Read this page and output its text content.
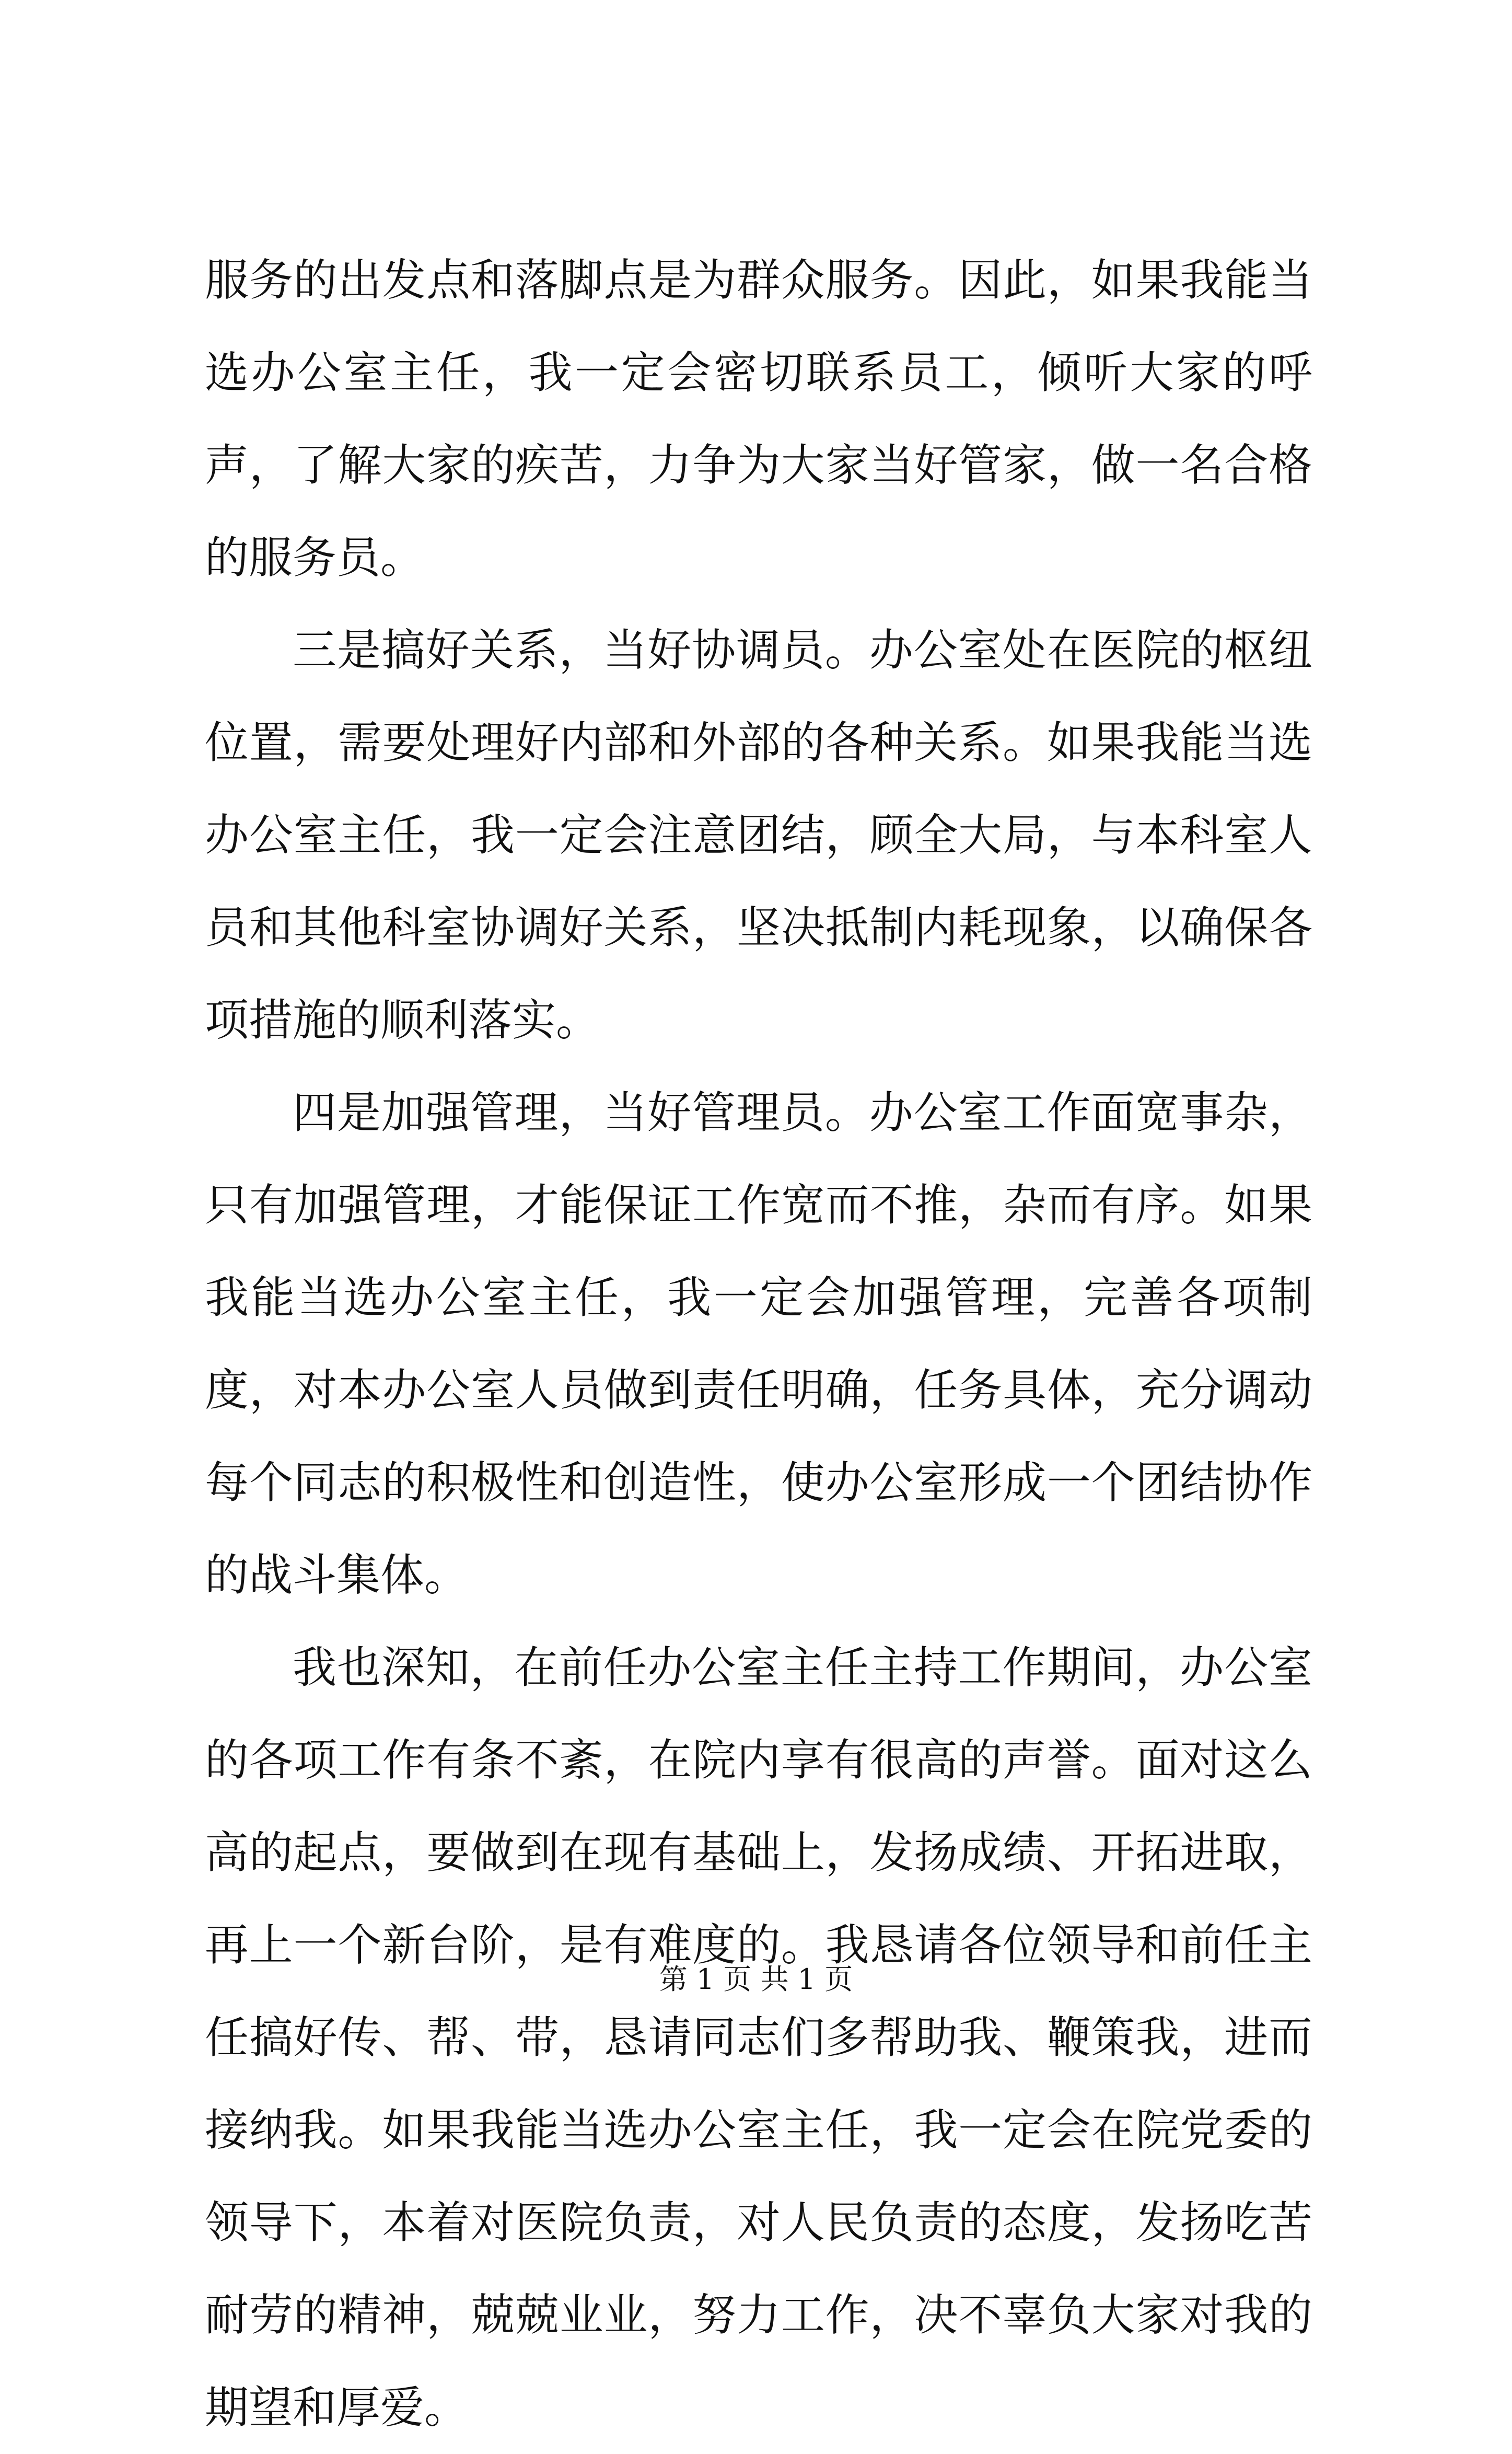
服务的出发点和落脚点是为群众服务。因此，如果我能当选办公室主任，我一定会密切联系员工，倾听大家的呼声，了解大家的疾苦，力争为大家当好管家，做一名合格的服务员。

三是搞好关系，当好协调员。办公室处在医院的枢纽位置，需要处理好内部和外部的各种关系。如果我能当选办公室主任，我一定会注意团结，顾全大局，与本科室人员和其他科室协调好关系，坚决抵制内耗现象，以确保各项措施的顺利落实。

四是加强管理，当好管理员。办公室工作面宽事杂，只有加强管理，才能保证工作宽而不推，杂而有序。如果我能当选办公室主任，我一定会加强管理，完善各项制度，对本办公室人员做到责任明确，任务具体，充分调动每个同志的积极性和创造性，使办公室形成一个团结协作的战斗集体。

我也深知，在前任办公室主任主持工作期间，办公室的各项工作有条不紊，在院内享有很高的声誉。面对这么高的起点，要做到在现有基础上，发扬成绩、开拓进取，再上一个新台阶，是有难度的。我恳请各位领导和前任主任搞好传、帮、带，恳请同志们多帮助我、鞭策我，进而接纳我。如果我能当选办公室主任，我一定会在院党委的领导下，本着对医院负责，对人民负责的态度，发扬吃苦耐劳的精神，兢兢业业，努力工作，决不辜负大家对我的期望和厚爱。

第 1 页 共 1 页
